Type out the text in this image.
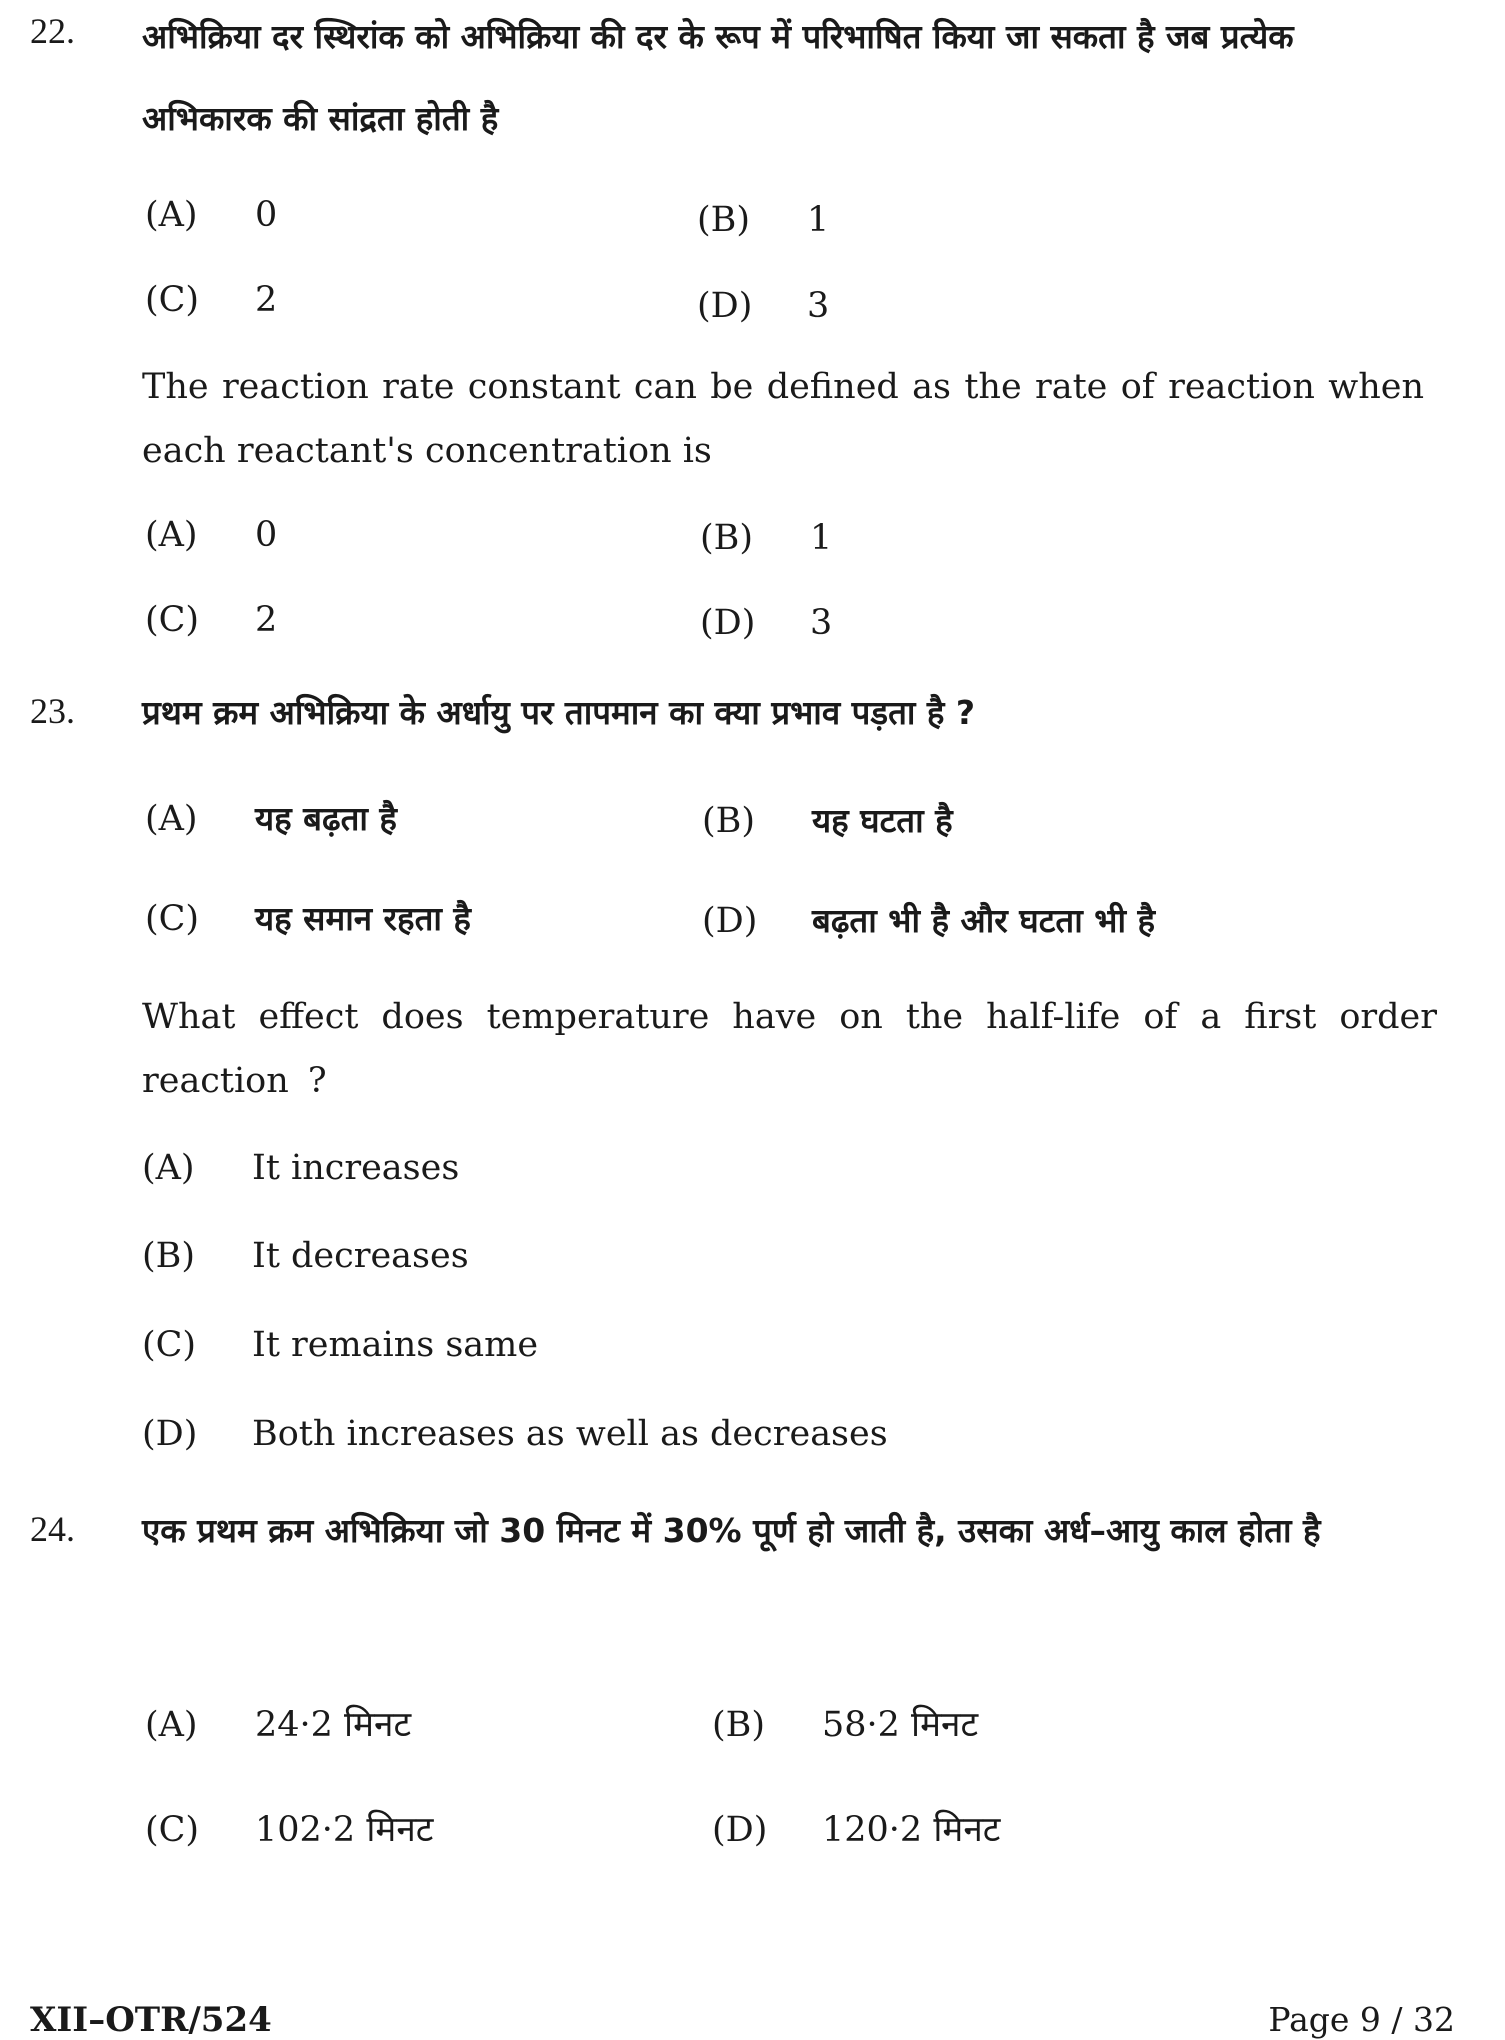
22. अभिक्रिया दर स्थिरांक को अभिक्रिया की दर के रूप में परिभाषित किया जा सकता है जब प्रत्येक अभिकारक की सांद्रता होती है
(A) 0	(B) 1
(C) 2	(D) 3
The reaction rate constant can be defined as the rate of reaction when each reactant's concentration is
(A) 0	(B) 1
(C) 2	(D) 3
23. प्रथम क्रम अभिक्रिया के अर्धायु पर तापमान का क्या प्रभाव पड़ता है ?
(A) यह बढ़ता है	(B) यह घटता है
(C) यह समान रहता है	(D) बढ़ता भी है और घटता भी है
What effect does temperature have on the half-life of a first order reaction ?
(A) It increases
(B) It decreases
(C) It remains same
(D) Both increases as well as decreases
24. एक प्रथम क्रम अभिक्रिया जो 30 मिनट में 30% पूर्ण हो जाती है, उसका अर्ध–आयु काल होता है
(A) 24·2 मिनट	(B) 58·2 मिनट
(C) 102·2 मिनट	(D) 120·2 मिनट
XII–OTR/524	Page 9 / 32
